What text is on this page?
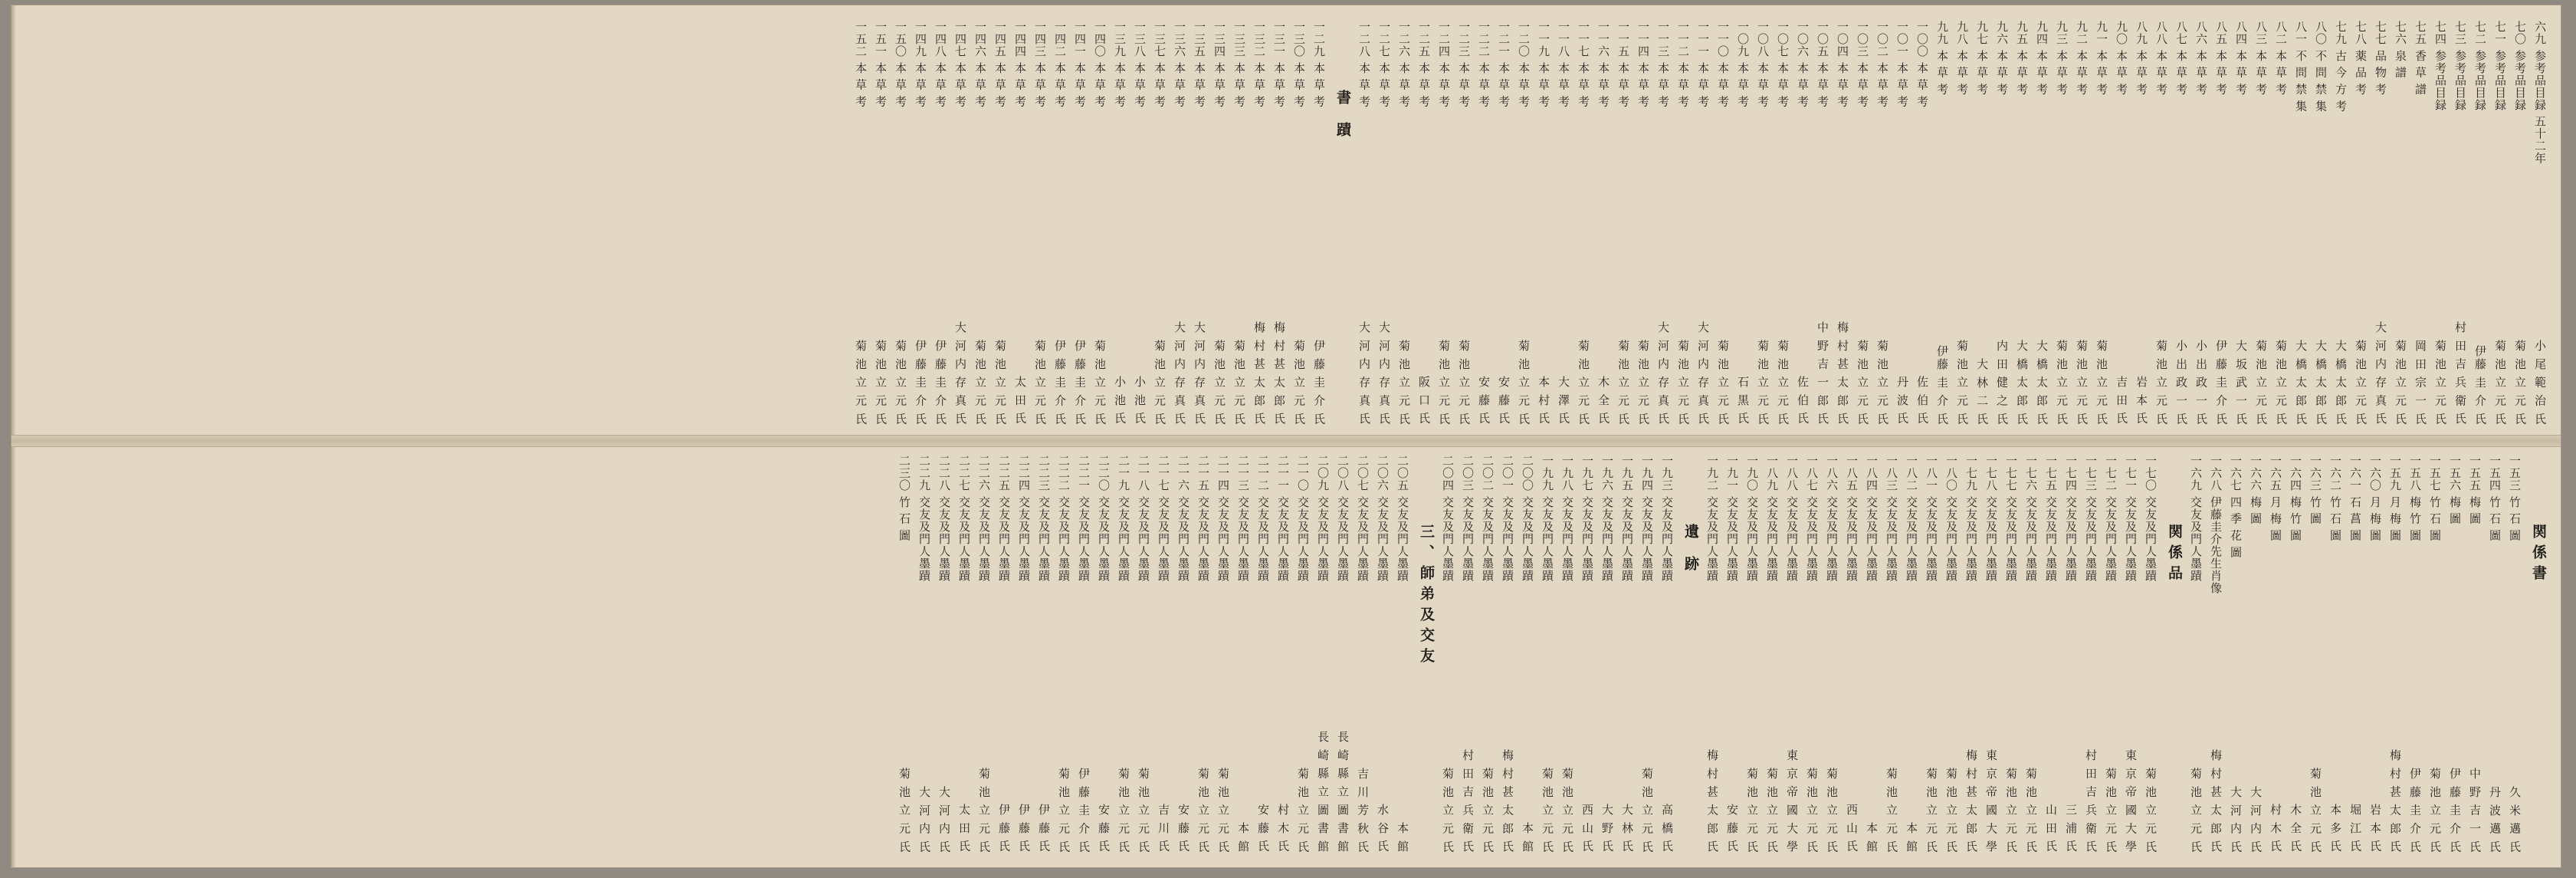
六九 参考品目録 五十二年
小 尾 範 治 氏
七〇 参考品目録
菊 池 立 元 氏
七一 参考品目録
菊 池 立 元 氏
七二 参考品目録
伊藤 圭 介 氏
七三 参考品目録
村 田 吉 兵 衛 氏
七四 参考品目録
菊 池 立 元 氏
七五 香 草 譜
岡 田 宗 一 氏
七六 泉 譜
菊 池 立 元 氏
七七 品 物 考
大 河 内 存 真 氏
七八 薬 品 考
菊 池 立 元 氏
七九 古 今 方 考
大 橋 太 郎 氏
八〇 不 問 禁 集
大 橋 太 郎 氏
八一 不 問 禁 集
大 橋 太 郎 氏
八二 本 草 考
菊 池 立 元 氏
八三 本 草 考
菊 池 立 元 氏
八四 本 草 考
大 坂 武 一 氏
八五 本 草 考
伊 藤 圭 介 氏
八六 本 草 考
小 出 政 一 氏
八七 本 草 考
小 出 政 一 氏
八八 本 草 考
菊 池 立 元 氏
八九 本 草 考
岩 本 氏
九〇 本 草 考
吉 田 氏
九一 本 草 考
菊 池 立 元 氏
九二 本 草 考
菊 池 立 元 氏
九三 本 草 考
菊 池 立 元 氏
九四 本 草 考
大 橋 太 郎 氏
九五 本 草 考
大 橋 太 郎 氏
九六 本 草 考
内 田 健 之 氏
九七 本 草 考
大 林 二 氏
九八 本 草 考
菊 池 立 元 氏
九九 本 草 考
伊藤 圭 介 氏
一〇〇 本 草 考
佐 伯 氏
一〇一 本 草 考
丹 波 氏
一〇二 本 草 考
菊 池 立 元 氏
一〇三 本 草 考
菊 池 立 元 氏
一〇四 本 草 考
梅 村 甚 太 郎 氏
一〇五 本 草 考
中 野 吉 一 郎 氏
一〇六 本 草 考
佐 伯 氏
一〇七 本 草 考
菊 池 立 元 氏
一〇八 本 草 考
菊 池 立 元 氏
一〇九 本 草 考
石 黒 氏
一一〇 本 草 考
菊 池 立 元 氏
一一一 本 草 考
大 河 内 存 真 氏
一一二 本 草 考
菊 池 立 元 氏
一一三 本 草 考
大 河 内 存 真 氏
一一四 本 草 考
菊 池 立 元 氏
一一五 本 草 考
菊 池 立 元 氏
一一六 本 草 考
木 全 氏
一一七 本 草 考
菊 池 立 元 氏
一一八 本 草 考
大 澤 氏
一一九 本 草 考
本 村 氏
一二〇 本 草 考
菊 池 立 元 氏
一二一 本 草 考
安 藤 氏
一二二 本 草 考
安 藤 氏
一二三 本 草 考
菊 池 立 元 氏
一二四 本 草 考
菊 池 立 元 氏
一二五 本 草 考
阪 口 氏
一二六 本 草 考
菊 池 立 元 氏
一二七 本 草 考
大 河 内 存 真 氏
一二八 本 草 考
大 河 内 存 真 氏
書 蹟
一二九 本 草 考
伊 藤 圭 介 氏
一三〇 本 草 考
菊 池 立 元 氏
一三一 本 草 考
梅 村 甚 太 郎 氏
一三二 本 草 考
梅 村 甚 太 郎 氏
一三三 本 草 考
菊 池 立 元 氏
一三四 本 草 考
菊 池 立 元 氏
一三五 本 草 考
大 河 内 存 真 氏
一三六 本 草 考
大 河 内 存 真 氏
一三七 本 草 考
菊 池 立 元 氏
一三八 本 草 考
小 池 氏
一三九 本 草 考
小 池 氏
一四〇 本 草 考
菊 池 立 元 氏
一四一 本 草 考
伊 藤 圭 介 氏
一四二 本 草 考
伊 藤 圭 介 氏
一四三 本 草 考
菊 池 立 元 氏
一四四 本 草 考
太 田 氏
一四五 本 草 考
菊 池 立 元 氏
一四六 本 草 考
菊 池 立 元 氏
一四七 本 草 考
大 河 内 存 真 氏
一四八 本 草 考
伊 藤 圭 介 氏
一四九 本 草 考
伊 藤 圭 介 氏
一五〇 本 草 考
菊 池 立 元 氏
一五一 本 草 考
菊 池 立 元 氏
一五二 本 草 考
菊 池 立 元 氏
関係書
一五三 竹 石 圖
久 米 邁 氏
一五四 竹 石 圖
丹 波 邁 氏
一五五 梅 圖
中 野 吉 一 氏
一五六 梅 圖
伊 藤 圭 介 氏
一五七 竹 石 圖
菊 池 立 元 氏
一五八 梅 竹 圖
伊 藤 圭 介 氏
一五九 月 梅 圖
梅 村 甚 太 郎 氏
一六〇 月 梅 圖
岩 本 氏
一六一 石 菖 圖
堀 江 氏
一六二 竹 石 圖
本 多 氏
一六三 竹 圖
菊 池 立 元 氏
一六四 梅 竹 圖
木 全 氏
一六五 月 梅 圖
村 木 氏
一六六 梅 圖
大 河 内 氏
一六七 四 季 花 圖
大 河 内 氏
一六八 伊藤圭介先生肖像
梅 村 甚 太 郎 氏
一六九 交友及門人墨蹟
菊 池 立 元 氏
関係品
一七〇 交友及門人墨蹟
菊 池 立 元 氏
一七一 交友及門人墨蹟
東 京 帝 國 大 學
一七二 交友及門人墨蹟
菊 池 立 元 氏
一七三 交友及門人墨蹟
村 田 吉 兵 衛 氏
一七四 交友及門人墨蹟
三 浦 氏
一七五 交友及門人墨蹟
山 田 氏
一七六 交友及門人墨蹟
菊 池 立 元 氏
一七七 交友及門人墨蹟
菊 池 立 元 氏
一七八 交友及門人墨蹟
東 京 帝 國 大 學
一七九 交友及門人墨蹟
梅 村 甚 太 郎 氏
一八〇 交友及門人墨蹟
菊 池 立 元 氏
一八一 交友及門人墨蹟
菊 池 立 元 氏
一八二 交友及門人墨蹟
本 館
一八三 交友及門人墨蹟
菊 池 立 元 氏
一八四 交友及門人墨蹟
本 館
一八五 交友及門人墨蹟
西 山 氏
一八六 交友及門人墨蹟
菊 池 立 元 氏
一八七 交友及門人墨蹟
菊 池 立 元 氏
一八八 交友及門人墨蹟
東 京 帝 國 大 學
一八九 交友及門人墨蹟
菊 池 立 元 氏
一九〇 交友及門人墨蹟
菊 池 立 元 氏
一九一 交友及門人墨蹟
安 藤 氏
一九二 交友及門人墨蹟
梅 村 甚 太 郎 氏
遺 跡
一九三 交友及門人墨蹟
高 橋 氏
一九四 交友及門人墨蹟
菊 池 立 元 氏
一九五 交友及門人墨蹟
大 林 氏
一九六 交友及門人墨蹟
大 野 氏
一九七 交友及門人墨蹟
西 山 氏
一九八 交友及門人墨蹟
菊 池 立 元 氏
一九九 交友及門人墨蹟
菊 池 立 元 氏
二〇〇 交友及門人墨蹟
本 館
二〇一 交友及門人墨蹟
梅 村 甚 太 郎 氏
二〇二 交友及門人墨蹟
菊 池 立 元 氏
二〇三 交友及門人墨蹟
村 田 吉 兵 衛 氏
二〇四 交友及門人墨蹟
菊 池 立 元 氏
三、師弟及交友
二〇五 交友及門人墨蹟
本 館
二〇六 交友及門人墨蹟
水 谷 氏
二〇七 交友及門人墨蹟
吉 川 芳 秋 氏
二〇八 交友及門人墨蹟
長 崎 縣 立 圖 書 館
二〇九 交友及門人墨蹟
長 崎 縣 立 圖 書 館
二一〇 交友及門人墨蹟
菊 池 立 元 氏
二一一 交友及門人墨蹟
村 木 氏
二一二 交友及門人墨蹟
安 藤 氏
二一三 交友及門人墨蹟
本 館
二一四 交友及門人墨蹟
菊 池 立 元 氏
二一五 交友及門人墨蹟
菊 池 立 元 氏
二一六 交友及門人墨蹟
安 藤 氏
二一七 交友及門人墨蹟
吉 川 氏
二一八 交友及門人墨蹟
菊 池 立 元 氏
二一九 交友及門人墨蹟
菊 池 立 元 氏
二二〇 交友及門人墨蹟
安 藤 氏
二二一 交友及門人墨蹟
伊 藤 圭 介 氏
二二二 交友及門人墨蹟
菊 池 立 元 氏
二二三 交友及門人墨蹟
伊 藤 氏
二二四 交友及門人墨蹟
伊 藤 氏
二二五 交友及門人墨蹟
伊 藤 氏
二二六 交友及門人墨蹟
菊 池 立 元 氏
二二七 交友及門人墨蹟
太 田 氏
二二八 交友及門人墨蹟
大 河 内 氏
二二九 交友及門人墨蹟
大 河 内 氏
二三〇 竹 石 圖
菊 池 立 元 氏
